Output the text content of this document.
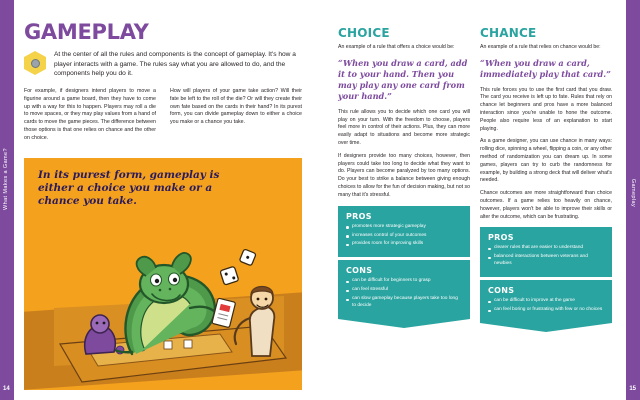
What Makes a Game?
14
GAMEPLAY
At the center of all the rules and components is the concept of gameplay. It's how a player interacts with a game. The rules say what you are allowed to do, and the components help you do it.

For example, if designers intend players to move a figurine around a game board, then they have to come up with a way for this to happen. Players may roll a die to move spaces, or they may play values from a hand of cards to move the game pieces. The difference between those options is that one relies on chance and the other on choice.

How will players of your game take action? Will their fate be left to the roll of the die? Or will they create their own fate based on the cards in their hand? In its purest form, you can divide gameplay down to either a choice you make or a chance you take.

In its purest form, gameplay is either a choice you make or a chance you take.	Gameplay
15
CHOICE

An example of a rule that offers a choice would be:

“When you draw a card, add it to your hand. Then you may play any one card from your hand.”

This rule allows you to decide which one card you will play on your turn. With the freedom to choose, players feel more in control of their actions. Plus, they can more easily adapt to situations and become more strategic over time.

If designers provide too many choices, however, then players could take too long to decide what they want to do. Players can become paralyzed by too many options. Do your best to strike a balance between giving enough choices to allow for the fun of decision making, but not so many that it's stressful.

PROS
promotes more strategic gameplay
increases control of your outcomes
provides room for improving skills
CONS
can be difficult for beginners to grasp
can feel stressful
can slow gameplay because players take too long to decide
CHANCE

An example of a rule that relies on chance would be:

“When you draw a card, immediately play that card.”

This rule forces you to use the first card that you draw. The card you receive is left up to fate. Rules that rely on chance let beginners and pros have a more balanced interaction since you're unable to hone the outcome. People also require less of an explanation to start playing.

As a game designer, you can use chance in many ways: rolling dice, spinning a wheel, flipping a coin, or any other method of randomization you can dream up. In some games, players can try to curb the randomness for example, by building a strong deck that will deliver what's needed.

Chance outcomes are more straightforward than choice outcomes. If a game relies too heavily on chance, however, players won't be able to improve their skills or alter the outcome, which can be frustrating.

PROS
clearer rules that are easier to understand
balanced interactions between veterans and newbies
CONS
can be difficult to improve at the game
can feel boring or frustrating with few or no choices
